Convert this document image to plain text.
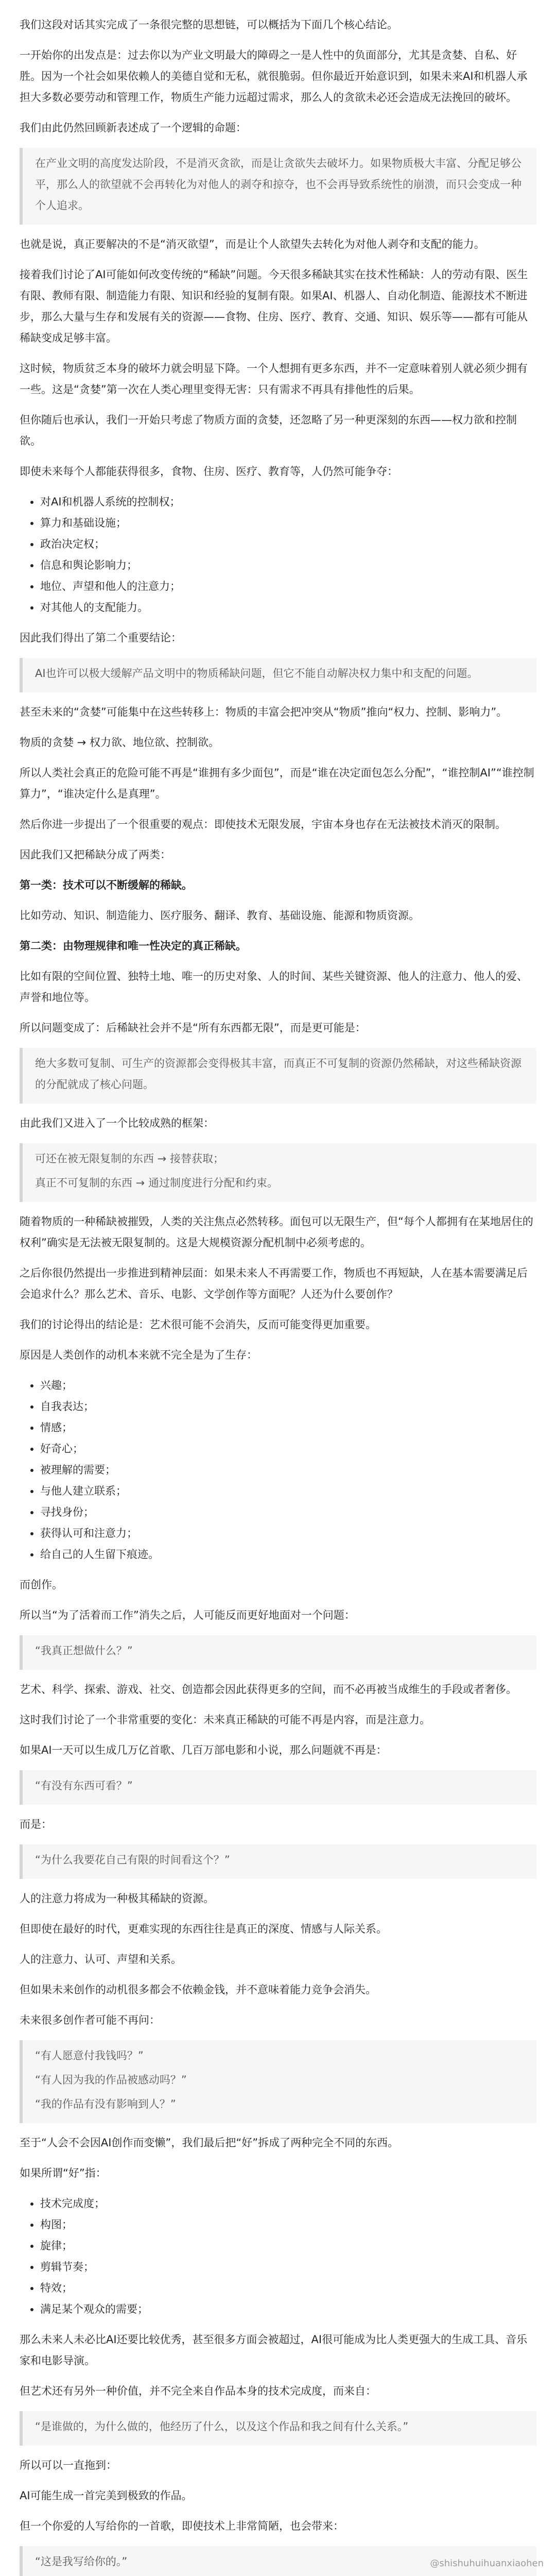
我们这段对话其实完成了一条很完整的思想链，可以概括为下面几个核心结论。
一开始你的出发点是：过去你以为产业文明最大的障碍之一是人性中的负面部分，尤其是贪婪、自私、好胜。因为一个社会如果依赖人的美德自觉和无私，就很脆弱。但你最近开始意识到，如果未来AI和机器人承担大多数必要劳动和管理工作，物质生产能力远超过需求，那么人的贪欲未必还会造成无法挽回的破坏。
我们由此仍然回顾新表述成了一个逻辑的命题：
在产业文明的高度发达阶段，不是消灭贪欲，而是让贪欲失去破坏力。如果物质极大丰富、分配足够公平，那么人的欲望就不会再转化为对他人的剥夺和掠夺，也不会再导致系统性的崩溃，而只会变成一种个人追求。
也就是说，真正要解决的不是“消灭欲望”，而是让个人欲望失去转化为对他人剥夺和支配的能力。
接着我们讨论了AI可能如何改变传统的“稀缺”问题。今天很多稀缺其实在技术性稀缺：人的劳动有限、医生有限、教师有限、制造能力有限、知识和经验的复制有限。如果AI、机器人、自动化制造、能源技术不断进步，那么大量与生存和发展有关的资源——食物、住房、医疗、教育、交通、知识、娱乐等——都有可能从稀缺变成足够丰富。
这时候，物质贫乏本身的破坏力就会明显下降。一个人想拥有更多东西，并不一定意味着别人就必须少拥有一些。这是“贪婪”第一次在人类心理里变得无害：只有需求不再具有排他性的后果。
但你随后也承认，我们一开始只考虑了物质方面的贪婪，还忽略了另一种更深刻的东西——权力欲和控制欲。
即使未来每个人都能获得很多，食物、住房、医疗、教育等，人仍然可能争夺：
• 对AI和机器人系统的控制权；
• 算力和基础设施；
• 政治决定权；
• 信息和舆论影响力；
• 地位、声望和他人的注意力；
• 对其他人的支配能力。
因此我们得出了第二个重要结论：
AI也许可以极大缓解产品文明中的物质稀缺问题，但它不能自动解决权力集中和支配的问题。
甚至未来的“贪婪”可能集中在这些转移上：物质的丰富会把冲突从“物质”推向“权力、控制、影响力”。
物质的贪婪 → 权力欲、地位欲、控制欲。
所以人类社会真正的危险可能不再是“谁拥有多少面包”，而是“谁在决定面包怎么分配”，“谁控制AI”“谁控制算力”，“谁决定什么是真理”。
然后你进一步提出了一个很重要的观点：即使技术无限发展，宇宙本身也存在无法被技术消灭的限制。
因此我们又把稀缺分成了两类：
第一类：技术可以不断缓解的稀缺。
比如劳动、知识、制造能力、医疗服务、翻译、教育、基础设施、能源和物质资源。
第二类：由物理规律和唯一性决定的真正稀缺。
比如有限的空间位置、独特土地、唯一的历史对象、人的时间、某些关键资源、他人的注意力、他人的爱、声誉和地位等。
所以问题变成了：后稀缺社会并不是“所有东西都无限”，而是更可能是：
绝大多数可复制、可生产的资源都会变得极其丰富，而真正不可复制的资源仍然稀缺，对这些稀缺资源的分配就成了核心问题。
由此我们又进入了一个比较成熟的框架：
可还在被无限复制的东西 → 接替获取；
真正不可复制的东西 → 通过制度进行分配和约束。
随着物质的一种稀缺被摧毁，人类的关注焦点必然转移。面包可以无限生产，但“每个人都拥有在某地居住的权利”确实是无法被无限复制的。这是大规模资源分配机制中必须考虑的。
之后你很仍然提出一步推进到精神层面：如果未来人不再需要工作，物质也不再短缺，人在基本需要满足后会追求什么？那么艺术、音乐、电影、文学创作等方面呢？人还为什么要创作？
我们的讨论得出的结论是：艺术很可能不会消失，反而可能变得更加重要。
原因是人类创作的动机本来就不完全是为了生存：
• 兴趣；
• 自我表达；
• 情感；
• 好奇心；
• 被理解的需要；
• 与他人建立联系；
• 寻找身份；
• 获得认可和注意力；
• 给自己的人生留下痕迹。
而创作。
所以当“为了活着而工作”消失之后，人可能反而更好地面对一个问题：
“我真正想做什么？”
艺术、科学、探索、游戏、社交、创造都会因此获得更多的空间，而不必再被当成维生的手段或者奢侈。
这时我们讨论了一个非常重要的变化：未来真正稀缺的可能不再是内容，而是注意力。
如果AI一天可以生成几万亿首歌、几百万部电影和小说，那么问题就不再是：
“有没有东西可看？”
而是：
“为什么我要花自己有限的时间看这个？”
人的注意力将成为一种极其稀缺的资源。
但即使在最好的时代，更难实现的东西往往是真正的深度、情感与人际关系。
人的注意力、认可、声望和关系。
但如果未来创作的动机很多都会不依赖金钱，并不意味着能力竞争会消失。
未来很多创作者可能不再问：
“有人愿意付我钱吗？”
“有人因为我的作品被感动吗？”
“我的作品有没有影响到人？”
至于“人会不会因AI创作而变懒”，我们最后把“好”拆成了两种完全不同的东西。
如果所谓“好”指：
• 技术完成度；
• 构图；
• 旋律；
• 剪辑节奏；
• 特效；
• 满足某个观众的需要；
那么未来人未必比AI还要比较优秀，甚至很多方面会被超过，AI很可能成为比人类更强大的生成工具、音乐家和电影导演。
但艺术还有另外一种价值，并不完全来自作品本身的技术完成度，而来自：
“是谁做的，为什么做的，他经历了什么，以及这个作品和我之间有什么关系。”
所以可以一直拖到：
AI可能生成一首完美到极致的作品。
但一个你爱的人写给你的一首歌，即使技术上非常简陋，也会带来：
“这是我写给你的。”	@shishuhuihuanxiaohen
